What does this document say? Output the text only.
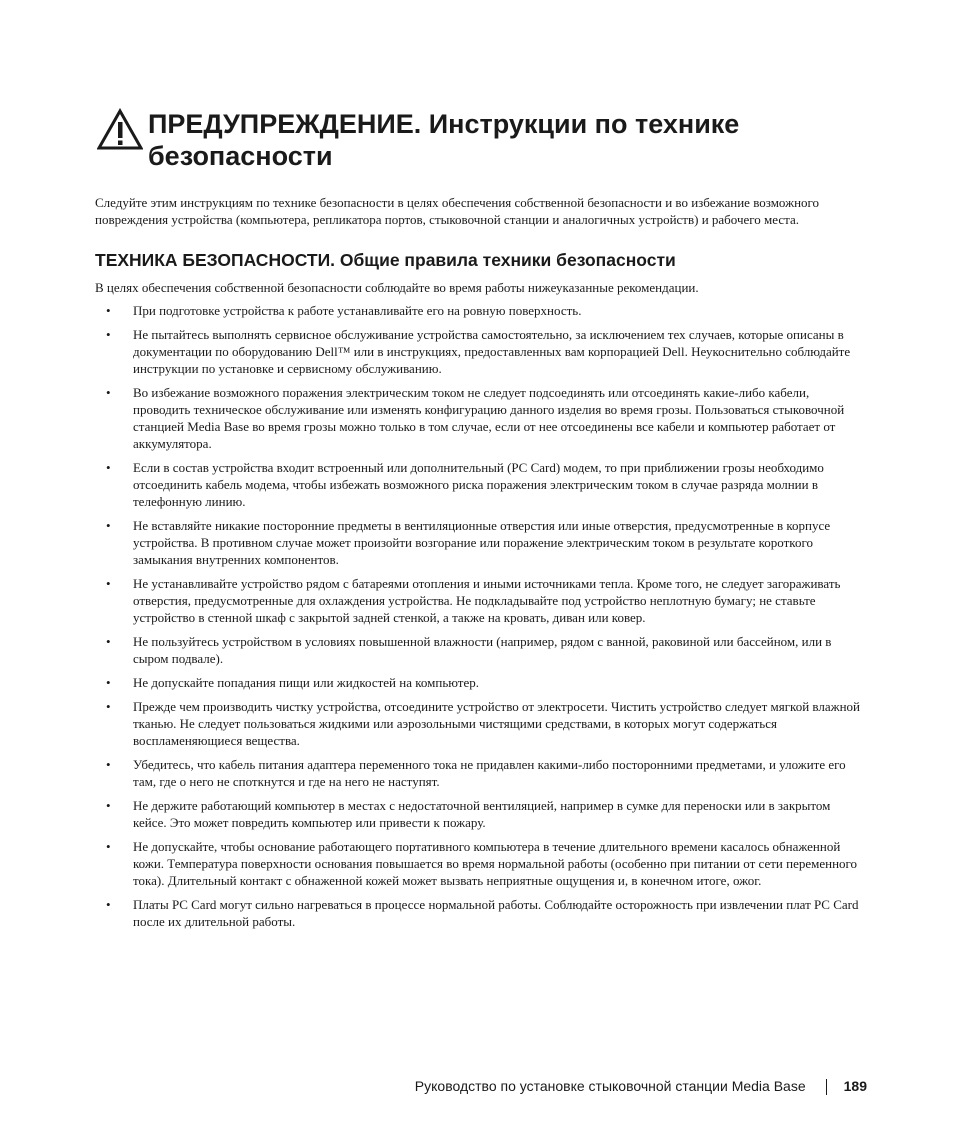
ПРЕДУПРЕЖДЕНИЕ. Инструкции по технике
безопасности

Следуйте этим инструкциям по технике безопасности в целях обеспечения собственной безопасности и во избежание возможного повреждения устройства (компьютера, репликатора портов, стыковочной станции и аналогичных устройств) и рабочего места.

ТЕХНИКА БЕЗОПАСНОСТИ. Общие правила техники безопасности

В целях обеспечения собственной безопасности соблюдайте во время работы нижеуказанные рекомендации.

• При подготовке устройства к работе устанавливайте его на ровную поверхность.
• Не пытайтесь выполнять сервисное обслуживание устройства самостоятельно, за исключением тех случаев, которые описаны в документации по оборудованию Dell™ или в инструкциях, предоставленных вам корпорацией Dell. Неукоснительно соблюдайте инструкции по установке и сервисному обслуживанию.
• Во избежание возможного поражения электрическим током не следует подсоединять или отсоединять какие-либо кабели, проводить техническое обслуживание или изменять конфигурацию данного изделия во время грозы. Пользоваться стыковочной станцией Media Base во время грозы можно только в том случае, если от нее отсоединены все кабели и компьютер работает от аккумулятора.
• Если в состав устройства входит встроенный или дополнительный (PC Card) модем, то при приближении грозы необходимо отсоединить кабель модема, чтобы избежать возможного риска поражения электрическим током в случае разряда молнии в телефонную линию.
• Не вставляйте никакие посторонние предметы в вентиляционные отверстия или иные отверстия, предусмотренные в корпусе устройства. В противном случае может произойти возгорание или поражение электрическим током в результате короткого замыкания внутренних компонентов.
• Не устанавливайте устройство рядом с батареями отопления и иными источниками тепла. Кроме того, не следует загораживать отверстия, предусмотренные для охлаждения устройства. Не подкладывайте под устройство неплотную бумагу; не ставьте устройство в стенной шкаф с закрытой задней стенкой, а также на кровать, диван или ковер.
• Не пользуйтесь устройством в условиях повышенной влажности (например, рядом с ванной, раковиной или бассейном, или в сыром подвале).
• Не допускайте попадания пищи или жидкостей на компьютер.
• Прежде чем производить чистку устройства, отсоедините устройство от электросети. Чистить устройство следует мягкой влажной тканью. Не следует пользоваться жидкими или аэрозольными чистящими средствами, в которых могут содержаться воспламеняющиеся вещества.
• Убедитесь, что кабель питания адаптера переменного тока не придавлен какими-либо посторонними предметами, и уложите его там, где о него не споткнутся и где на него не наступят.
• Не держите работающий компьютер в местах с недостаточной вентиляцией, например в сумке для переноски или в закрытом кейсе. Это может повредить компьютер или привести к пожару.
• Не допускайте, чтобы основание работающего портативного компьютера в течение длительного времени касалось обнаженной кожи. Температура поверхности основания повышается во время нормальной работы (особенно при питании от сети переменного тока). Длительный контакт с обнаженной кожей может вызвать неприятные ощущения и, в конечном итоге, ожог.
• Платы PC Card могут сильно нагреваться в процессе нормальной работы. Соблюдайте осторожность при извлечении плат PC Card после их длительной работы.
Руководство по установке стыковочной станции Media Base	189
